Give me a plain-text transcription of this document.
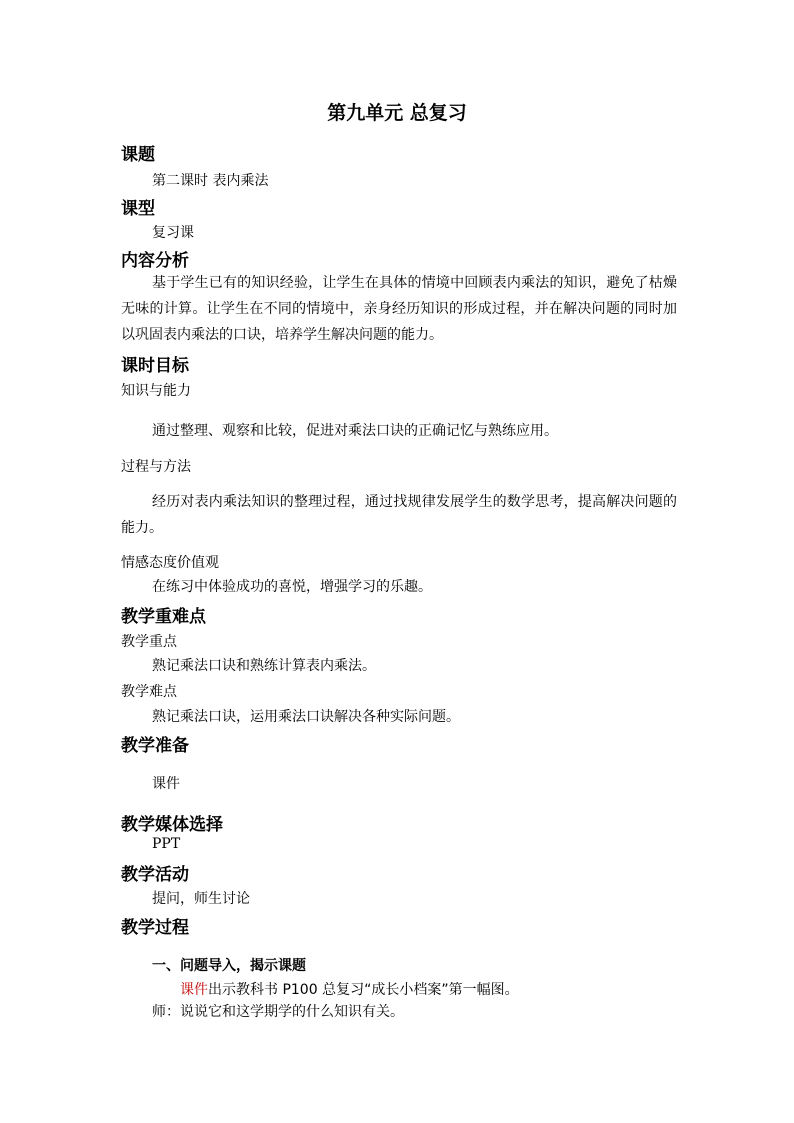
第九单元 总复习
课题
第二课时 表内乘法
课型
复习课
内容分析
基于学生已有的知识经验，让学生在具体的情境中回顾表内乘法的知识，避免了枯燥无味的计算。让学生在不同的情境中，亲身经历知识的形成过程，并在解决问题的同时加以巩固表内乘法的口诀，培养学生解决问题的能力。
课时目标
知识与能力
通过整理、观察和比较，促进对乘法口诀的正确记忆与熟练应用。
过程与方法
经历对表内乘法知识的整理过程，通过找规律发展学生的数学思考，提高解决问题的能力。
情感态度价值观
在练习中体验成功的喜悦，增强学习的乐趣。
教学重难点
教学重点
熟记乘法口诀和熟练计算表内乘法。
教学难点
熟记乘法口诀，运用乘法口诀解决各种实际问题。
教学准备
课件
教学媒体选择
PPT
教学活动
提问，师生讨论
教学过程
一、问题导入，揭示课题
课件出示教科书 P100 总复习“成长小档案”第一幅图。
师：说说它和这学期学的什么知识有关。
